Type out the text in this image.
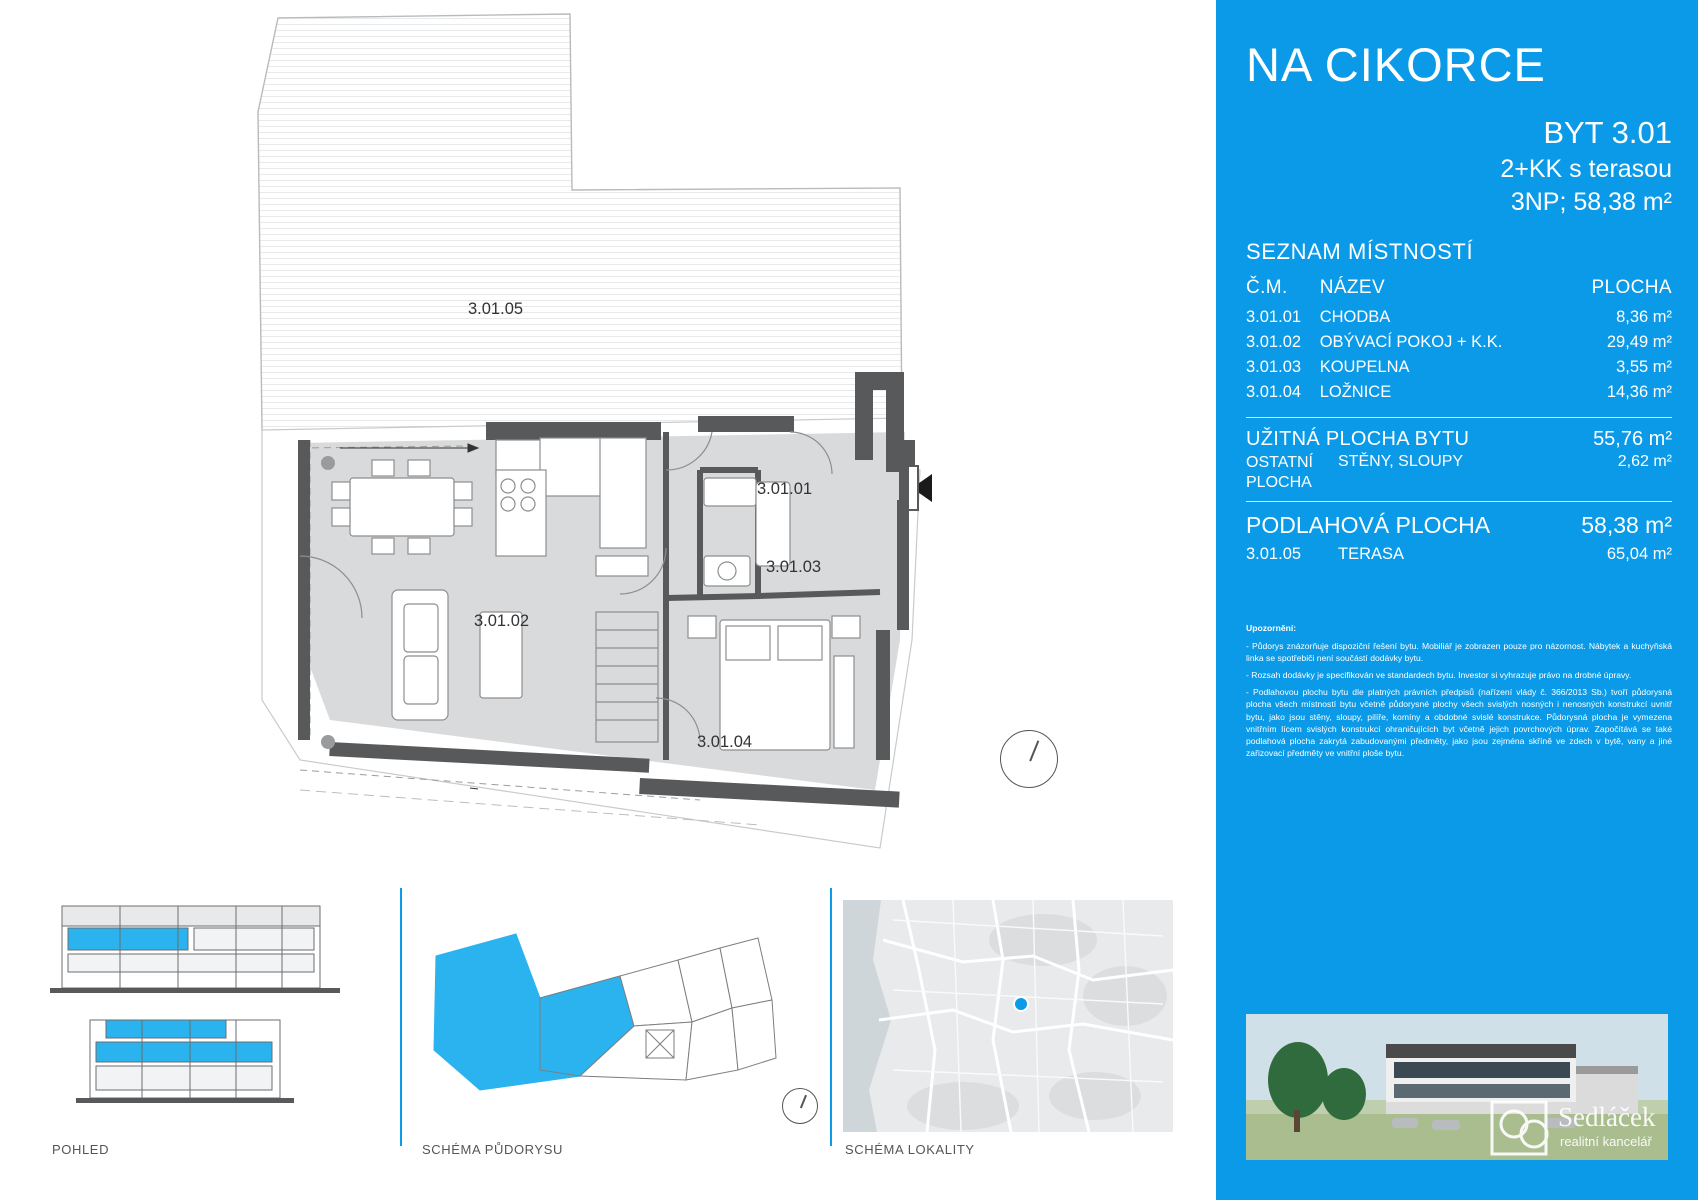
3.01.05
3.01.01
3.01.03
3.01.02
3.01.04
POHLED	SCHÉMA PŮDORYSU	SCHÉMA LOKALITY
NA CIKORCE
BYT 3.01
2+KK s terasou
3NP; 58,38 m²
SEZNAM MÍSTNOSTÍ
Č.M.	NÁZEV	PLOCHA
3.01.01	CHODBA	8,36 m²
3.01.02	OBÝVACÍ POKOJ + K.K.	29,49 m²
3.01.03	KOUPELNA	3,55 m²
3.01.04	LOŽNICE	14,36 m²
UŽITNÁ PLOCHA BYTU	55,76 m²
OSTATNÍ
PLOCHA
STĚNY, SLOUPY	2,62 m²
PODLAHOVÁ PLOCHA	58,38 m²
3.01.05	TERASA	65,04 m²

Upozornění:

- Půdorys znázorňuje dispoziční řešení bytu. Mobiliář je zobrazen pouze pro názornost. Nábytek a kuchyňská linka se spotřebiči není součástí dodávky bytu.

- Rozsah dodávky je specifikován ve standardech bytu. Investor si vyhrazuje právo na drobné úpravy.

- Podlahovou plochu bytu dle platných právních předpisů (nařízení vlády č. 366/2013 Sb.) tvoří půdorysná plocha všech místností bytu včetně půdorysné plochy všech svislých nosných i nenosných konstrukcí uvnitř bytu, jako jsou stěny, sloupy, pilíře, komíny a obdobné svislé konstrukce. Půdorysná plocha je vymezena vnitřním lícem svislých konstrukcí ohraničujících byt včetně jejich povrchových úprav. Započítává se také podlahová plocha zakrytá zabudovanými předměty, jako jsou zejména skříně ve zdech v bytě, vany a jiné zařizovací předměty ve vnitřní ploše bytu.

Sedláček
realitní kancelář
